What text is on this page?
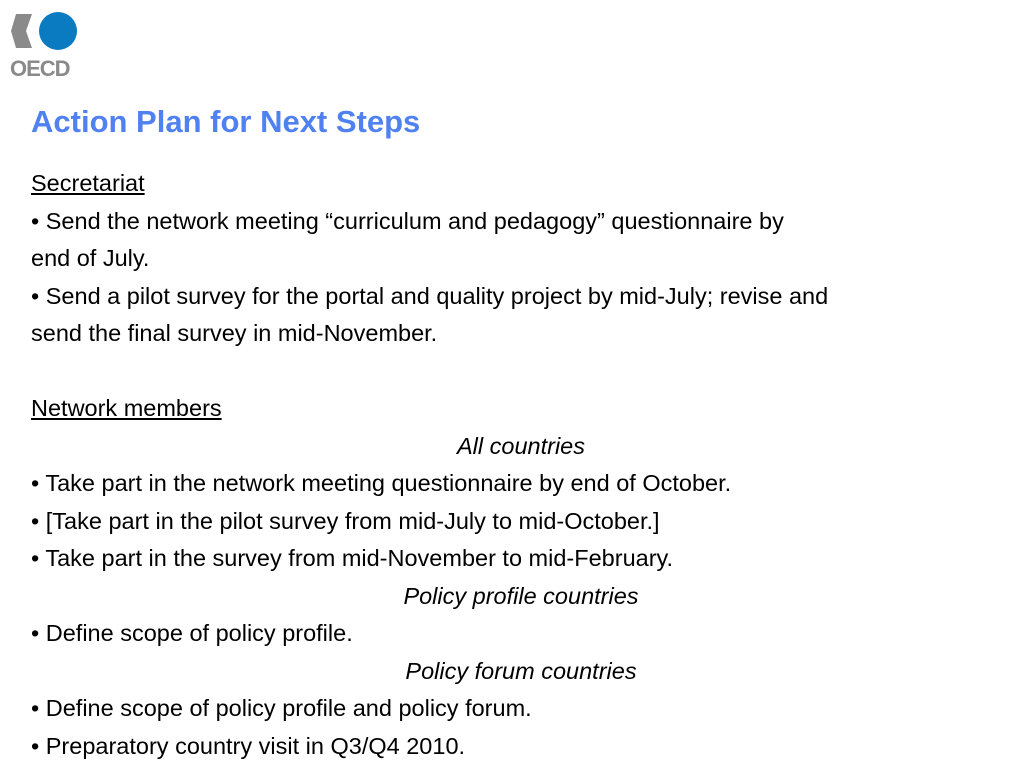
OECD
Action Plan for Next Steps
Secretariat
• Send the network meeting “curriculum and pedagogy” questionnaire by
end of July.
• Send a pilot survey for the portal and quality project by mid-July; revise and
send the final survey in mid-November.
Network members
All countries
• Take part in the network meeting questionnaire by end of October.
• [Take part in the pilot survey from mid-July to mid-October.]
• Take part in the survey from mid-November to mid-February.
Policy profile countries
• Define scope of policy profile.
Policy forum countries
• Define scope of policy profile and policy forum.
• Preparatory country visit in Q3/Q4 2010.
